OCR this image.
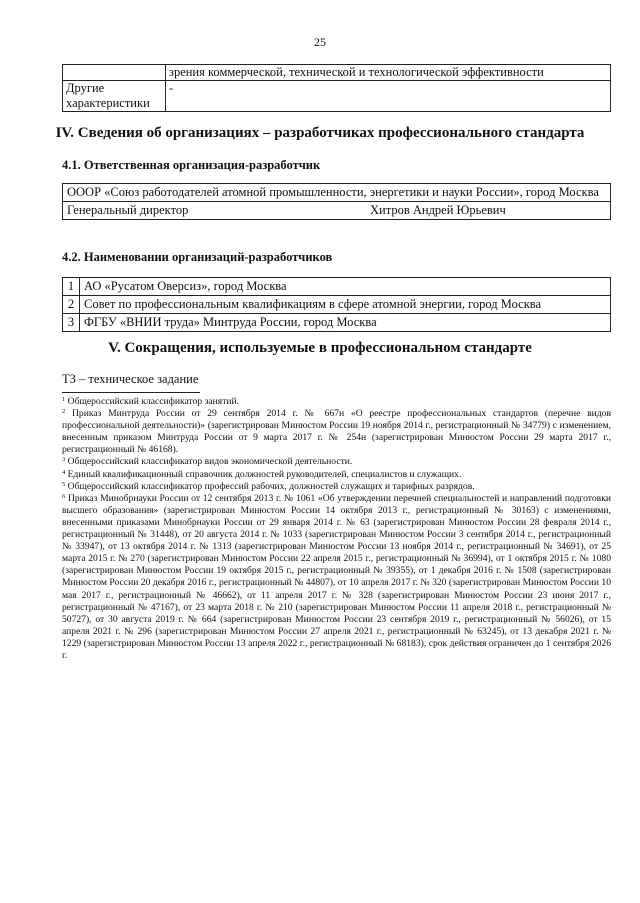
25
	зрения коммерческой, технической и технологической эффективности
Другие характеристики	-
IV. Сведения об организациях – разработчиках профессионального стандарта
4.1. Ответственная организация-разработчик
ОООР «Союз работодателей атомной промышленности, энергетики и науки России», город Москва

Генеральный директор	Хитров Андрей Юрьевич
4.2. Наименовании организаций-разработчиков
1	АО «Русатом Оверсиз», город Москва
2	Совет по профессиональным квалификациям в сфере атомной энергии, город Москва
3	ФГБУ «ВНИИ труда» Минтруда России, город Москва
V. Сокращения, используемые в профессиональном стандарте

ТЗ – техническое задание

$^1$ Общероссийский классификатор занятий.

$^2$ Приказ Минтруда России от 29 сентября 2014 г. № 667н «О реестре профессиональных стандартов (перечне видов профессиональной деятельности)» (зарегистрирован Минюстом России 19 ноября 2014 г., регистрационный № 34779) с изменением, внесенным приказом Минтруда России от 9 марта 2017 г. № 254н (зарегистрирован Минюстом России 29 марта 2017 г., регистрационный № 46168).

$^3$ Общероссийский классификатор видов экономической деятельности.

$^4$ Единый квалификационный справочник должностей руководителей, специалистов и служащих.

$^5$ Общероссийский классификатор профессий рабочих, должностей служащих и тарифных разрядов.

$^6$ Приказ Минобрнауки России от 12 сентября 2013 г. № 1061 «Об утверждении перечней специальностей и направлений подготовки высшего образования» (зарегистрирован Минюстом России 14 октября 2013 г., регистрационный № 30163) с изменениями, внесенными приказами Минобрнауки России от 29 января 2014 г. № 63 (зарегистрирован Минюстом России 28 февраля 2014 г., регистрационный № 31448), от 20 августа 2014 г. № 1033 (зарегистрирован Минюстом России 3 сентября 2014 г., регистрационный № 33947), от 13 октября 2014 г. № 1313 (зарегистрирован Минюстом России 13 ноября 2014 г., регистрационный № 34691), от 25 марта 2015 г. № 270 (зарегистрирован Минюстом России 22 апреля 2015 г., регистрационный № 36994), от 1 октября 2015 г. № 1080 (зарегистрирован Минюстом России 19 октября 2015 г., регистрационный № 39355), от 1 декабря 2016 г. № 1508 (зарегистрирован Минюстом России 20 декабря 2016 г., регистрационный № 44807), от 10 апреля 2017 г. № 320 (зарегистрирован Минюстом России 10 мая 2017 г., регистрационный № 46662), от 11 апреля 2017 г. № 328 (зарегистрирован Минюстом России 23 июня 2017 г., регистрационный № 47167), от 23 марта 2018 г. № 210 (зарегистрирован Минюстом России 11 апреля 2018 г., регистрационный № 50727), от 30 августа 2019 г. № 664 (зарегистрирован Минюстом России 23 сентября 2019 г., регистрационный № 56026), от 15 апреля 2021 г. № 296 (зарегистрирован Минюстом России 27 апреля 2021 г., регистрационный № 63245), от 13 декабря 2021 г. № 1229 (зарегистрирован Минюстом России 13 апреля 2022 г., регистрационный № 68183), срок действия ограничен до 1 сентября 2026 г.
